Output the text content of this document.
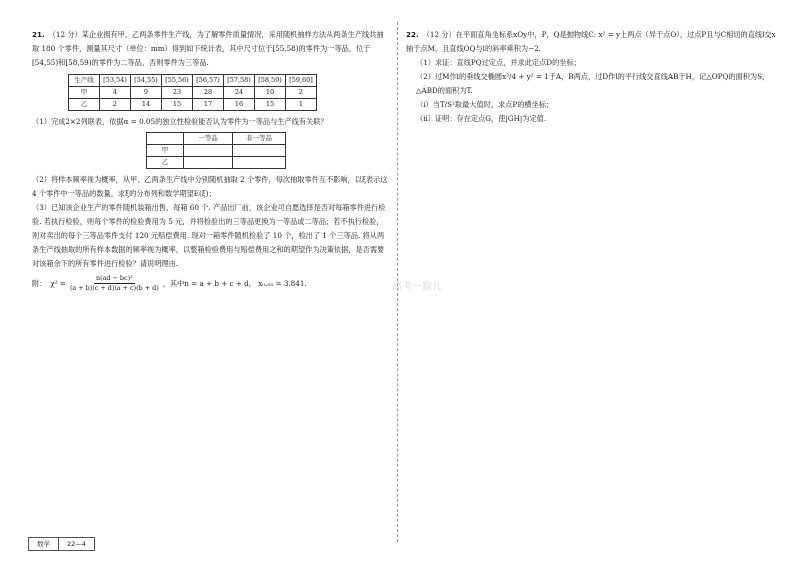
21. （12 分）某企业拥有甲、乙两条零件生产线，为了解零件质量情况，采用随机抽样方法从两条生产线共抽取 180 个零件，测量其尺寸（单位：mm）得到如下统计表，其中尺寸位于[55,58)的零件为一等品，位于[54,55)和[58,59)的零件为二等品，否则零件为三等品.

生产线	[53,54)	[54,55)	[55,56)	[56,57)	[57,58)	[58,59)	[59,60]
甲	4	9	23	28	24	10	2
乙	2	14	15	17	16	15	1

（1）完成2×2列联表，依据α = 0.05的独立性检验能否认为零件为一等品与生产线有关联？

	一等品	非一等品
甲		
乙		

（2）将样本频率视为概率，从甲、乙两条生产线中分别随机抽取 2 个零件，每次抽取零件互不影响，以ξ表示这 4 个零件中一等品的数量，求ξ的分布列和数学期望E(ξ)；

（3）已知该企业生产的零件随机装箱出售，每箱 60 个. 产品出厂前，该企业可自愿选择是否对每箱零件进行检验. 若执行检验，则每个零件的检验费用为 5 元，并将检验出的三等品更换为一等品或二等品；若不执行检验，则对卖出的每个三等品零件支付 120 元赔偿费用. 现对一箱零件随机检验了 10 个，检出了 1 个三等品. 将从两条生产线抽取的所有样本数据的频率视为概率，以整箱检验费用与赔偿费用之和的期望作为决策依据，是否需要对该箱余下的所有零件进行检验？请说明理由.

附： $\chi^2 = \frac{\text{n(ad − bc)²}}{(a + b)(c + d)(a + c)(b + d)}$ ，其中n = a + b + c + d， x₀.₀₅ = 3.841.

22. （12 分）在平面直角坐标系xOy中，P，Q是抛物线C: x² = y上两点（异于点O），过点P且与C相切的直线l交x轴于点M，且直线OQ与l的斜率乘积为−2.

（1）求证：直线PQ过定点，并求此定点D的坐标；

（2）过M作l的垂线交椭圆x²/4 + y² = 1于A，B两点，过D作l的平行线交直线AB于H，记△OPQ的面积为S，△ABD的面积为T.

（i）当T/S²取最大值时，求点P的横坐标；

（ii）证明：存在定点G，使|GH|为定值.

高考一数儿
数学	22—4
